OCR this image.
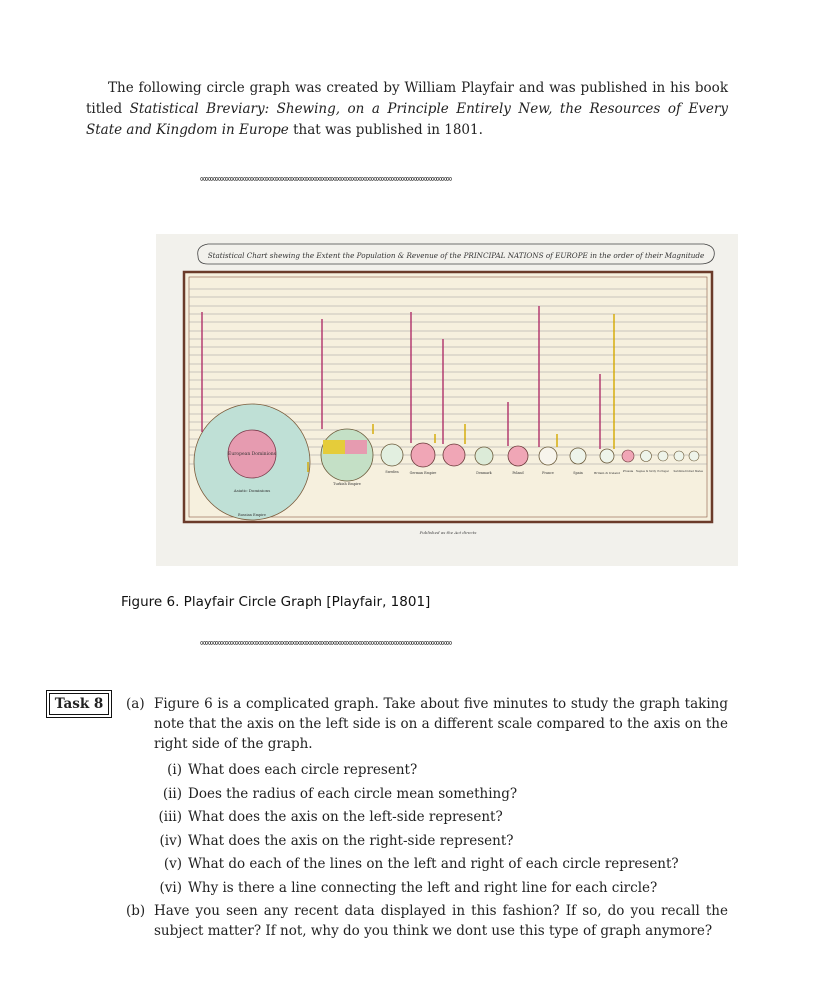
The following circle graph was created by William Playfair and was published in his book titled Statistical Breviary: Shewing, on a Principle Entirely New, the Resources of Every State and Kingdom in Europe that was published in 1801.

∞∞∞∞∞∞∞∞∞∞∞∞∞∞∞∞∞∞∞∞∞∞∞∞∞∞∞∞∞∞∞∞∞∞∞∞∞∞∞∞∞∞∞∞∞∞∞∞∞∞
Statistical Chart shewing the Extent the Population & Revenue of the PRINCIPAL NATIONS of EUROPE in the order of their Magnitude
European Dominions
Asiatic Dominions
Russian Empire
Turkish Empire
Sweden	German Empire	Denmark	Poland	France	Spain	Britain & Ireland Prussia Naples & Sicily Portugal Sardinia United States
Published as the Act directs
Figure 6. Playfair Circle Graph [Playfair, 1801]
∞∞∞∞∞∞∞∞∞∞∞∞∞∞∞∞∞∞∞∞∞∞∞∞∞∞∞∞∞∞∞∞∞∞∞∞∞∞∞∞∞∞∞∞∞∞∞∞∞∞
Task 8	(a) Figure 6 is a complicated graph. Take about five minutes to study the graph taking note that the axis on the left side is on a different scale compared to the axis on the right side of the graph.
(i) What does each circle represent?
(ii) Does the radius of each circle mean something?
(iii) What does the axis on the left-side represent?
(iv) What does the axis on the right-side represent?
(v) What do each of the lines on the left and right of each circle represent?
(vi) Why is there a line connecting the left and right line for each circle?
(b) Have you seen any recent data displayed in this fashion? If so, do you recall the subject matter? If not, why do you think we dont use this type of graph anymore?
